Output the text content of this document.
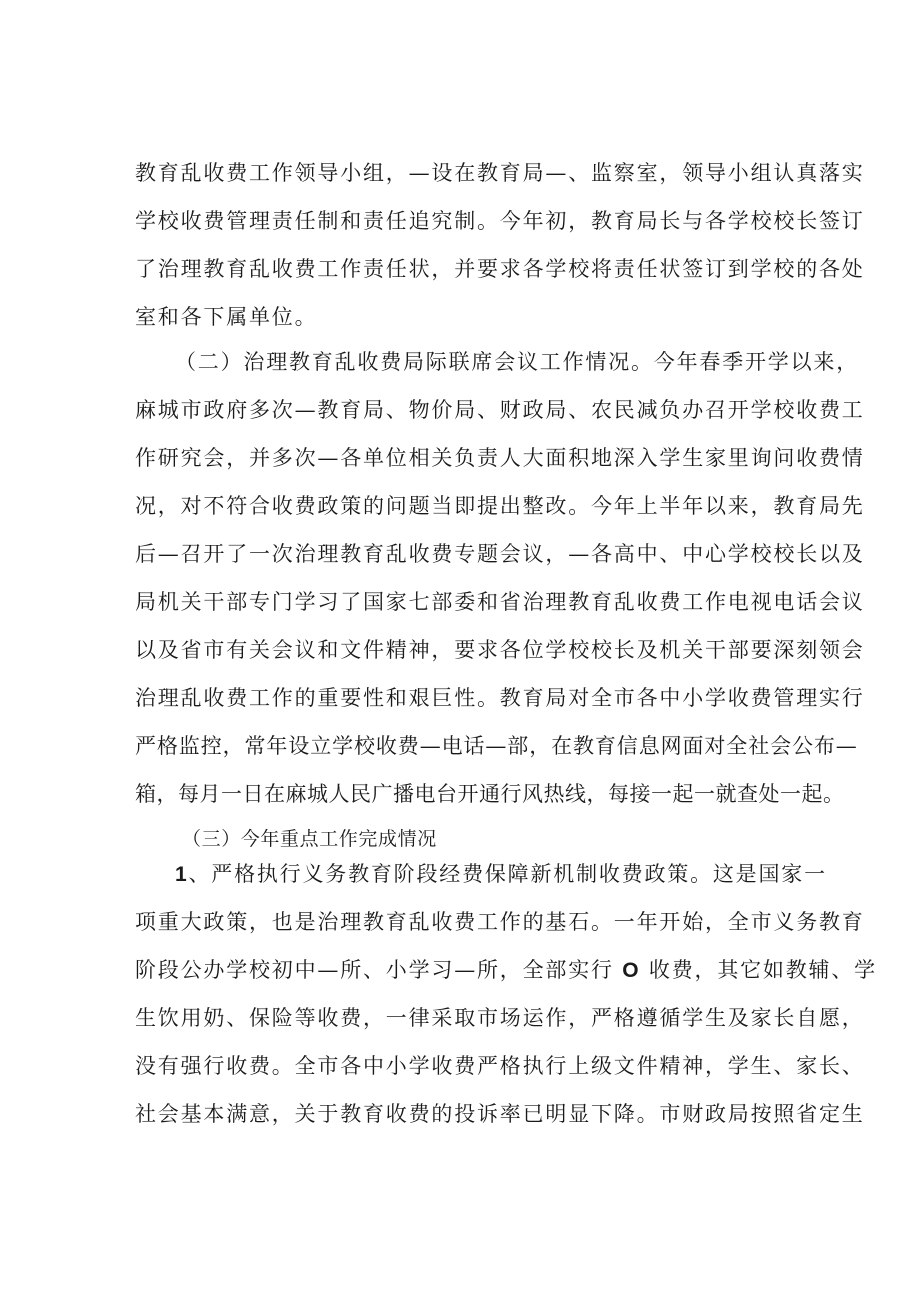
教育乱收费工作领导小组，—设在教育局—、监察室，领导小组认真落实
学校收费管理责任制和责任追究制。今年初，教育局长与各学校校长签订
了治理教育乱收费工作责任状，并要求各学校将责任状签订到学校的各处
室和各下属单位。
（二）治理教育乱收费局际联席会议工作情况。今年春季开学以来，
麻城市政府多次—教育局、物价局、财政局、农民减负办召开学校收费工
作研究会，并多次—各单位相关负责人大面积地深入学生家里询问收费情
况，对不符合收费政策的问题当即提出整改。今年上半年以来，教育局先
后—召开了一次治理教育乱收费专题会议，—各高中、中心学校校长以及
局机关干部专门学习了国家七部委和省治理教育乱收费工作电视电话会议
以及省市有关会议和文件精神，要求各位学校校长及机关干部要深刻领会
治理乱收费工作的重要性和艰巨性。教育局对全市各中小学收费管理实行
严格监控，常年设立学校收费—电话—部，在教育信息网面对全社会公布—
箱，每月一日在麻城人民广播电台开通行风热线，每接一起一就查处一起。
（三）今年重点工作完成情况
1、严格执行义务教育阶段经费保障新机制收费政策。这是国家一
项重大政策，也是治理教育乱收费工作的基石。一年开始，全市义务教育
阶段公办学校初中—所、小学习—所，全部实行 O 收费，其它如教辅、学
生饮用奶、保险等收费，一律采取市场运作，严格遵循学生及家长自愿，
没有强行收费。全市各中小学收费严格执行上级文件精神，学生、家长、
社会基本满意，关于教育收费的投诉率已明显下降。市财政局按照省定生
